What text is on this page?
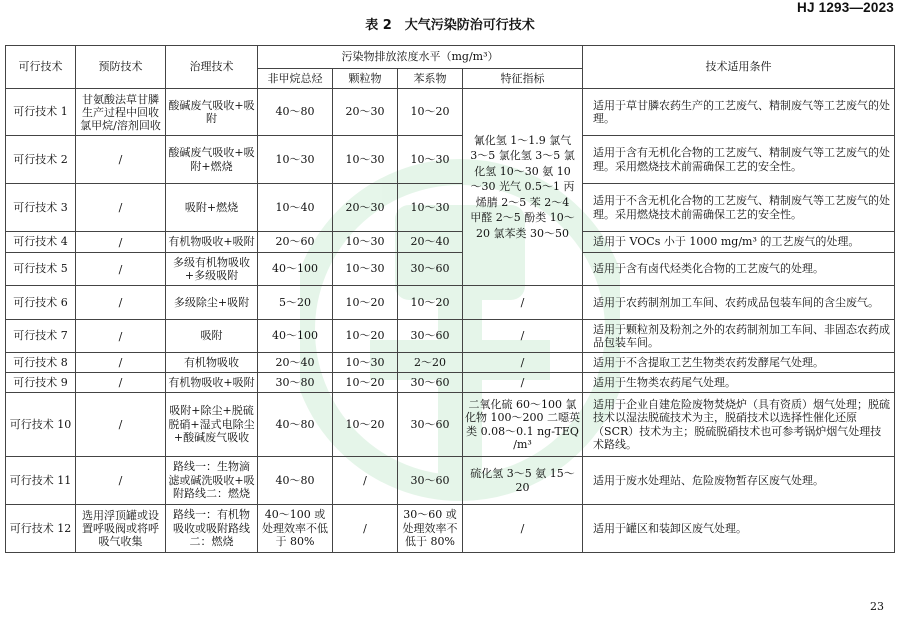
HJ 1293—2023
表 2　大气污染防治可行技术
可行技术	预防技术	治理技术	污染物排放浓度水平（mg/m³）				技术适用条件
			非甲烷总烃	颗粒物	苯系物	特征指标	
可行技术 1	甘氨酸法草甘膦生产过程中回收氯甲烷/溶剂回收	酸碱废气吸收+吸附	40～80	20～30	10～20	氰化氢 1～1.9 氯气 3～5 氯化氢 3～5 氯化氢 10～30 氨 10～30 光气 0.5～1 丙烯腈 2～5 苯 2～4 甲醛 2～5 酚类 10～20 氯苯类 30～50	适用于草甘膦农药生产的工艺废气、精制废气等工艺废气的处理。
可行技术 2	/	酸碱废气吸收+吸附+燃烧	10～30	10～30	10～30		适用于含有无机化合物的工艺废气、精制废气等工艺废气的处理。采用燃烧技术前需确保工艺的安全性。
可行技术 3	/	吸附+燃烧	10～40	20～30	10～30		适用于不含无机化合物的工艺废气、精制废气等工艺废气的处理。采用燃烧技术前需确保工艺的安全性。
可行技术 4	/	有机物吸收+吸附	20～60	10～30	20～40		适用于 VOCs 小于 1000 mg/m³ 的工艺废气的处理。
可行技术 5	/	多级有机物吸收+多级吸附	40～100	10～30	30～60		适用于含有卤代烃类化合物的工艺废气的处理。
可行技术 6	/	多级除尘+吸附	5～20	10～20	10～20	/	适用于农药制剂加工车间、农药成品包装车间的含尘废气。
可行技术 7	/	吸附	40～100	10～20	30～60	/	适用于颗粒剂及粉剂之外的农药制剂加工车间、非固态农药成品包装车间。
可行技术 8	/	有机物吸收	20～40	10～30	2～20	/	适用于不含提取工艺生物类农药发酵尾气处理。
可行技术 9	/	有机物吸收+吸附	30～80	10～20	30～60	/	适用于生物类农药尾气处理。
可行技术 10	/	吸附+除尘+脱硫脱硝+湿式电除尘+酸碱废气吸收	40～80	10～20	30～60	二氧化硫 60～100 氯化物 100～200 二噁英类 0.08～0.1 ng-TEQ /m³	适用于企业自建危险废物焚烧炉（具有资质）烟气处理；脱硫技术以湿法脱硫技术为主，脱硝技术以选择性催化还原（SCR）技术为主；脱硫脱硝技术也可参考锅炉烟气处理技术路线。
可行技术 11	/	路线一：生物滴滤或碱洗吸收+吸附路线二：燃烧	40～80	/	30～60	硫化氢 3～5 氨 15～20	适用于废水处理站、危险废物暂存区废气处理。
可行技术 12	选用浮顶罐或设置呼吸阀或将呼吸气收集	路线一：有机物吸收或吸附路线二：燃烧	40～100 或处理效率不低于 80%	/	30～60 或处理效率不低于 80%	/	适用于罐区和装卸区废气处理。
23
